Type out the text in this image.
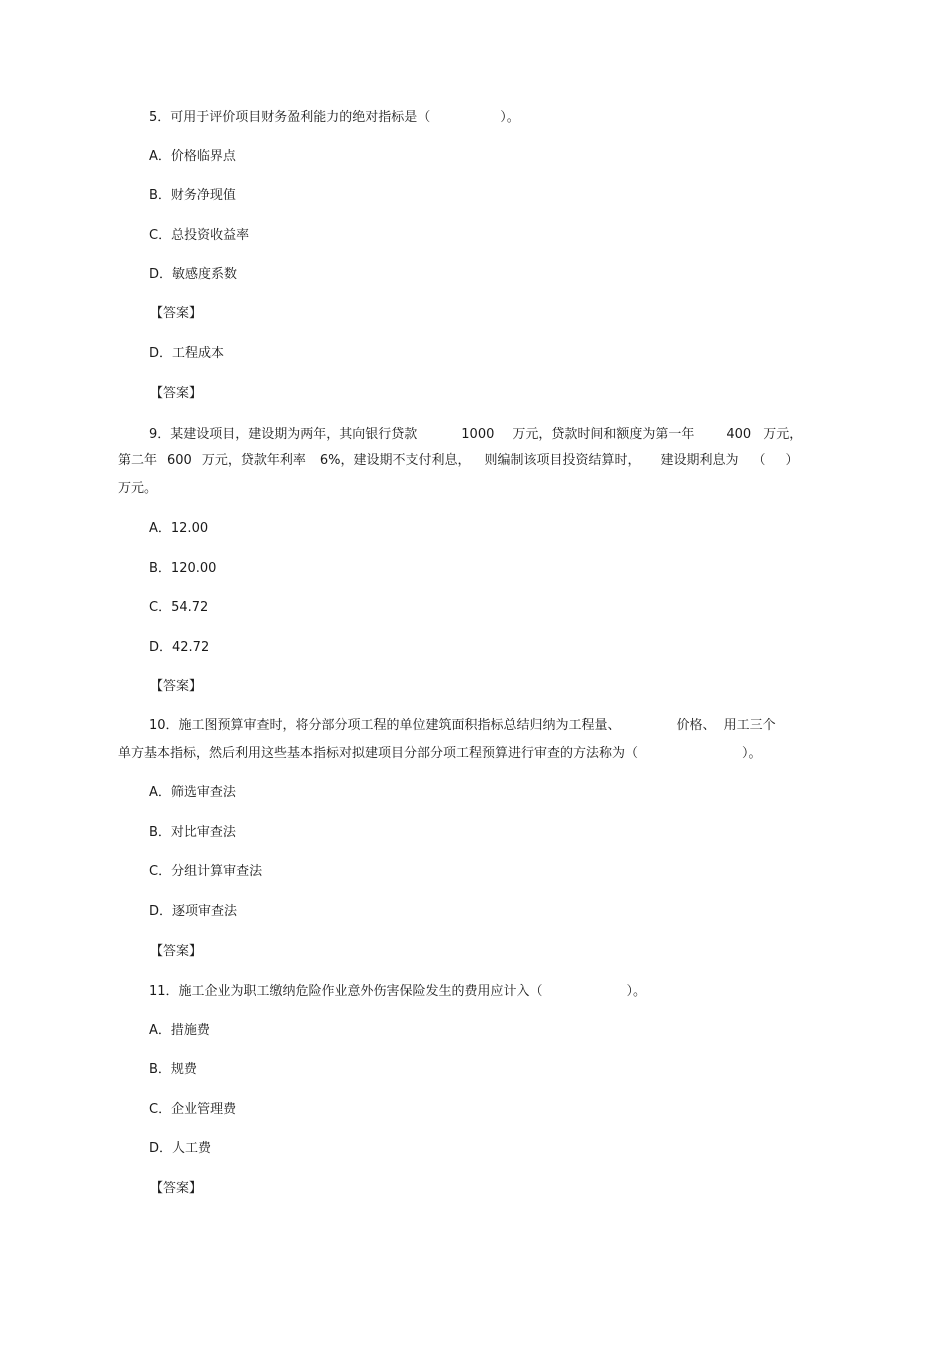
5．可用于评价项目财务盈利能力的绝对指标是（	）。
A．价格临界点
B．财务净现值
C．总投资收益率
D．敏感度系数
【答案】
D．工程成本
【答案】
9．某建设项目，建设期为两年，其向银行贷款	1000 万元，贷款时间和额度为第一年 400 万元，
第二年 600 万元，贷款年利率 6%，建设期不支付利息， 则编制该项目投资结算时， 建设期利息为 （ ）
万元。
A．12.00
B．120.00
C．54.72
D．42.72
【答案】
10．施工图预算审查时，将分部分项工程的单位建筑面积指标总结归纳为工程量、	价格、 用工三个
单方基本指标，然后利用这些基本指标对拟建项目分部分项工程预算进行审查的方法称为（	）。
A．筛选审查法
B．对比审查法
C．分组计算审查法
D．逐项审查法
【答案】
11．施工企业为职工缴纳危险作业意外伤害保险发生的费用应计入（	）。
A．措施费
B．规费
C．企业管理费
D．人工费
【答案】
